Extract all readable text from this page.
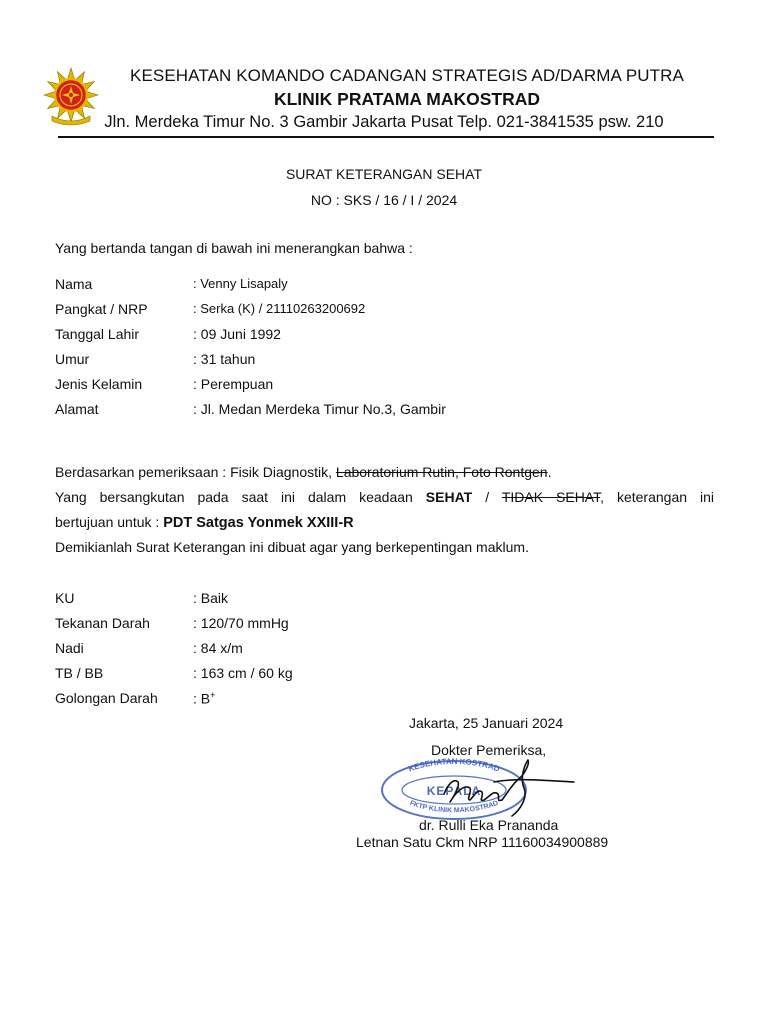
KESEHATAN KOMANDO CADANGAN STRATEGIS AD/DARMA PUTRA
KLINIK PRATAMA MAKOSTRAD
Jln. Merdeka Timur No. 3 Gambir Jakarta Pusat Telp. 021-3841535 psw. 210
SURAT KETERANGAN SEHAT
NO : SKS / 16 / I / 2024
Yang bertanda tangan di bawah ini menerangkan bahwa :
Nama	: Venny Lisapaly
Pangkat / NRP	: Serka (K) / 21110263200692
Tanggal Lahir	: 09 Juni 1992
Umur	: 31 tahun
Jenis Kelamin	: Perempuan
Alamat	: Jl. Medan Merdeka Timur No.3, Gambir
Berdasarkan pemeriksaan : Fisik Diagnostik, Laboratorium Rutin, Foto Rontgen.
Yang bersangkutan pada saat ini dalam keadaan SEHAT / TIDAK SEHAT, keterangan ini
bertujuan untuk : PDT Satgas Yonmek XXIII-R
Demikianlah Surat Keterangan ini dibuat agar yang berkepentingan maklum.
KU	: Baik
Tekanan Darah	: 120/70 mmHg
Nadi	: 84 x/m
TB / BB	: 163 cm / 60 kg
Golongan Darah	: B+
Jakarta, 25 Januari 2024
Dokter Pemeriksa,
KESEHATAN KOSTRAD
KEPALA
FKTP KLINIK MAKOSTRAD
dr. Rulli Eka Prananda
Letnan Satu Ckm NRP 11160034900889
